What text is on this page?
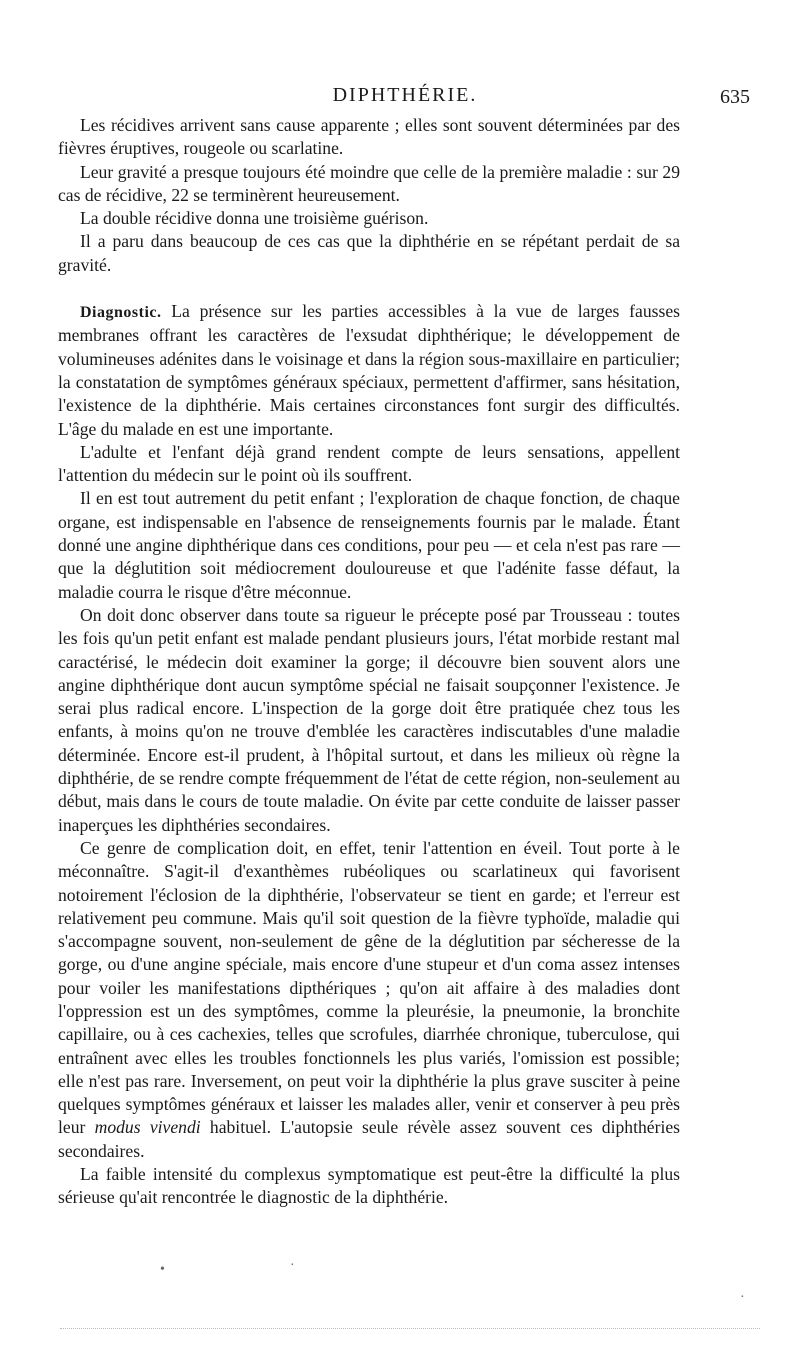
DIPHTHÉRIE.	635

Les récidives arrivent sans cause apparente ; elles sont souvent déterminées par des fièvres éruptives, rougeole ou scarlatine.

Leur gravité a presque toujours été moindre que celle de la première maladie : sur 29 cas de récidive, 22 se terminèrent heureusement.

La double récidive donna une troisième guérison.

Il a paru dans beaucoup de ces cas que la diphthérie en se répétant perdait de sa gravité.

Diagnostic. La présence sur les parties accessibles à la vue de larges fausses membranes offrant les caractères de l'exsudat diphthérique; le développement de volumineuses adénites dans le voisinage et dans la région sous-maxillaire en particulier; la constatation de symptômes généraux spéciaux, permettent d'affirmer, sans hésitation, l'existence de la diphthérie. Mais certaines circonstances font surgir des difficultés. L'âge du malade en est une importante.

L'adulte et l'enfant déjà grand rendent compte de leurs sensations, appellent l'attention du médecin sur le point où ils souffrent.

Il en est tout autrement du petit enfant ; l'exploration de chaque fonction, de chaque organe, est indispensable en l'absence de renseignements fournis par le malade. Étant donné une angine diphthérique dans ces conditions, pour peu — et cela n'est pas rare — que la déglutition soit médiocrement douloureuse et que l'adénite fasse défaut, la maladie courra le risque d'être méconnue.

On doit donc observer dans toute sa rigueur le précepte posé par Trousseau : toutes les fois qu'un petit enfant est malade pendant plusieurs jours, l'état morbide restant mal caractérisé, le médecin doit examiner la gorge; il découvre bien souvent alors une angine diphthérique dont aucun symptôme spécial ne faisait soupçonner l'existence. Je serai plus radical encore. L'inspection de la gorge doit être pratiquée chez tous les enfants, à moins qu'on ne trouve d'emblée les caractères indiscutables d'une maladie déterminée. Encore est-il prudent, à l'hôpital surtout, et dans les milieux où règne la diphthérie, de se rendre compte fréquemment de l'état de cette région, non-seulement au début, mais dans le cours de toute maladie. On évite par cette conduite de laisser passer inaperçues les diphthéries secondaires.

Ce genre de complication doit, en effet, tenir l'attention en éveil. Tout porte à le méconnaître. S'agit-il d'exanthèmes rubéoliques ou scarlatineux qui favorisent notoirement l'éclosion de la diphthérie, l'observateur se tient en garde; et l'erreur est relativement peu commune. Mais qu'il soit question de la fièvre typhoïde, maladie qui s'accompagne souvent, non-seulement de gêne de la déglutition par sécheresse de la gorge, ou d'une angine spéciale, mais encore d'une stupeur et d'un coma assez intenses pour voiler les manifestations dipthériques ; qu'on ait affaire à des maladies dont l'oppression est un des symptômes, comme la pleurésie, la pneumonie, la bronchite capillaire, ou à ces cachexies, telles que scrofules, diarrhée chronique, tuberculose, qui entraînent avec elles les troubles fonctionnels les plus variés, l'omission est possible; elle n'est pas rare. Inversement, on peut voir la diphthérie la plus grave susciter à peine quelques symptômes généraux et laisser les malades aller, venir et conserver à peu près leur modus vivendi habituel. L'autopsie seule révèle assez souvent ces diphthéries secondaires.

La faible intensité du complexus symptomatique est peut-être la difficulté la plus sérieuse qu'ait rencontrée le diagnostic de la diphthérie.

•	·
·
